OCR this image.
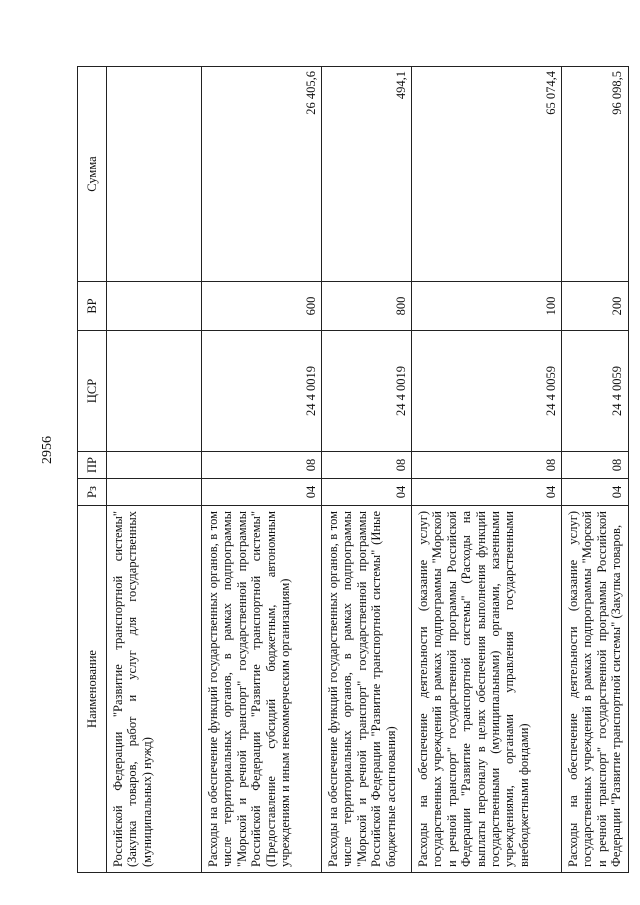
2956
Наименование	Рз	ПР	ЦСР	ВР	Сумма
Российской Федерации "Развитие транспортной системы" (Закупка товаров, работ и услуг для государственных (муниципальных) нужд)					
Расходы на обеспечение функций государственных органов, в том числе территориальных органов, в рамках подпрограммы "Морской и речной транспорт" государственной программы Российской Федерации "Развитие транспортной системы" (Предоставление субсидий бюджетным, автономным учреждениям и иным некоммерческим организациям)	04	08	24 4 0019	600	26 405,6
Расходы на обеспечение функций государственных органов, в том числе территориальных органов, в рамках подпрограммы "Морской и речной транспорт" государственной программы Российской Федерации "Развитие транспортной системы" (Иные бюджетные ассигнования)	04	08	24 4 0019	800	494,1
Расходы на обеспечение деятельности (оказание услуг) государственных учреждений в рамках подпрограммы "Морской и речной транспорт" государственной программы Российской Федерации "Развитие транспортной системы" (Расходы на выплаты персоналу в целях обеспечения выполнения функций государственными (муниципальными) органами, казенными учреждениями, органами управления государственными внебюджетными фондами)	04	08	24 4 0059	100	65 074,4
Расходы на обеспечение деятельности (оказание услуг) государственных учреждений в рамках подпрограммы "Морской и речной транспорт" государственной программы Российской Федерации "Развитие транспортной системы" (Закупка товаров,	04	08	24 4 0059	200	96 098,5
